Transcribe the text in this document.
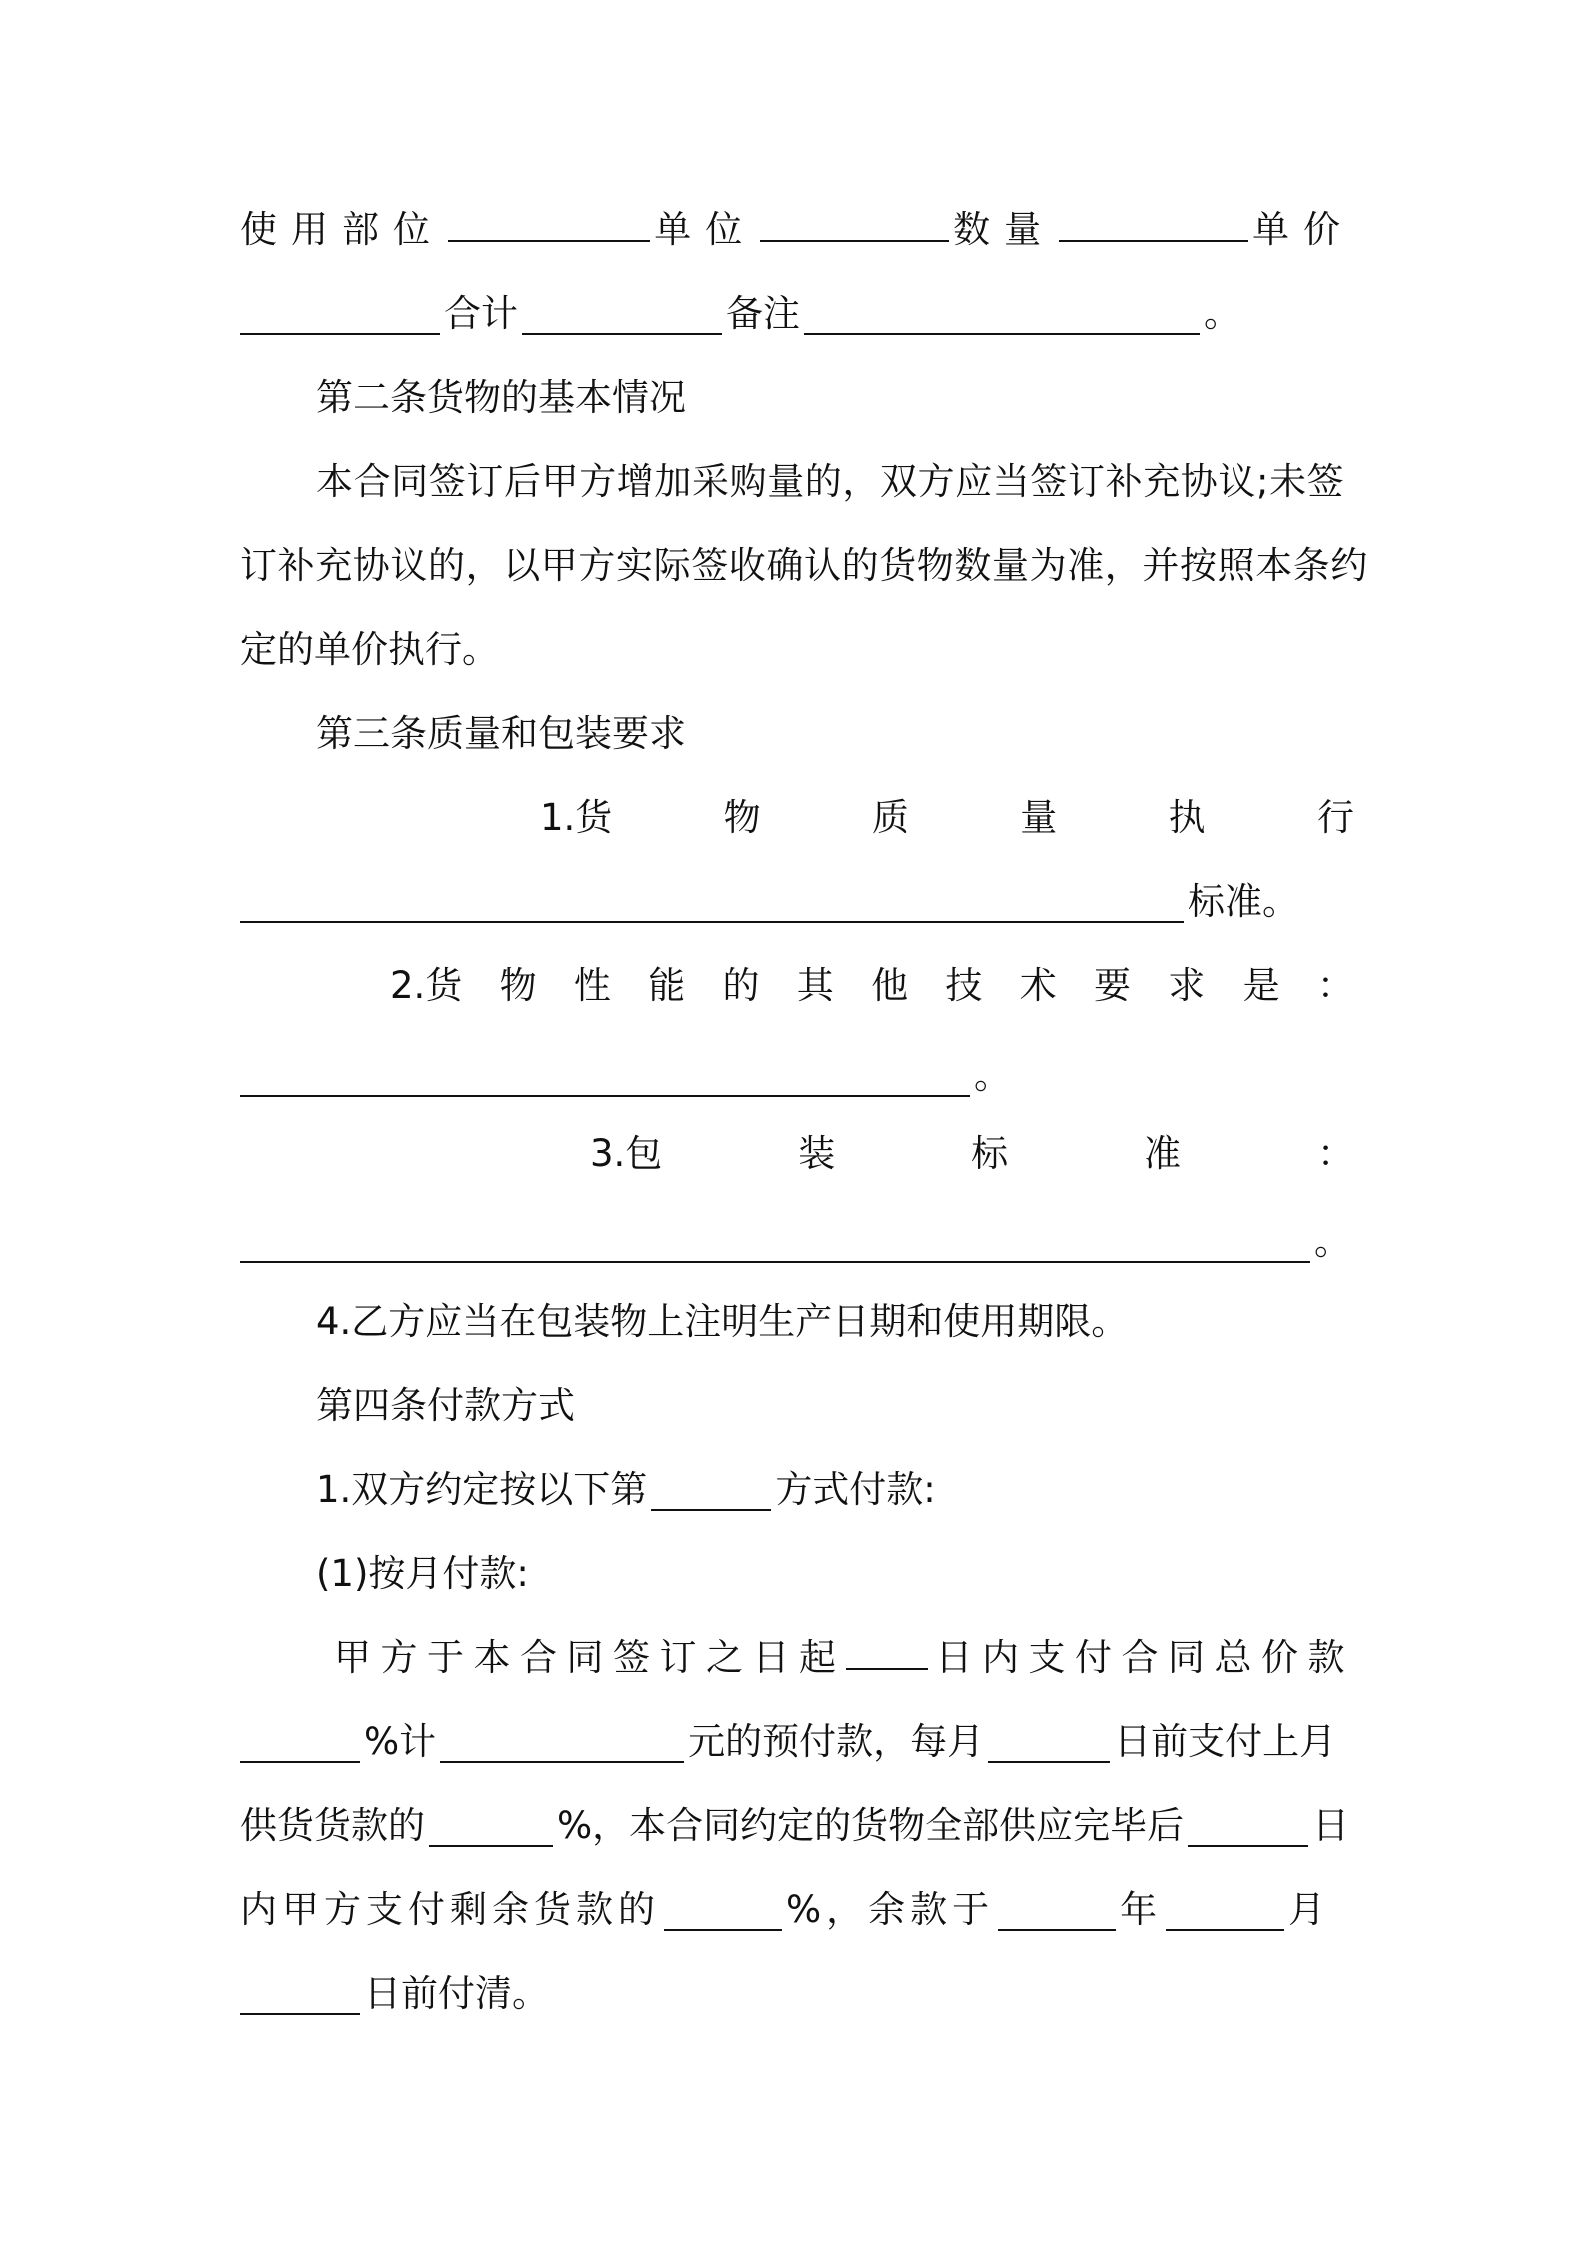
使用部位	单位	数量	单价
合计	备注	。
第二条货物的基本情况
本合同签订后甲方增加采购量的，双方应当签订补充协议;未签
订补充协议的，以甲方实际签收确认的货物数量为准，并按照本条约
定的单价执行。
第三条质量和包装要求
1.货	物	质	量	执	行
标准。
2.货 物 性 能 的 其 他 技 术 要 求 是 ：
。
3.包	装	标	准	：
。
4.乙方应当在包装物上注明生产日期和使用期限。
第四条付款方式
1.双方约定按以下第	方式付款:
(1)按月付款:
甲方于本合同签订之日起 日内支付合同总价款
%计	元的预付款，每月	日前支付上月
供货货款的	%，本合同约定的货物全部供应完毕后	日
内甲方支付剩余货款的	%，余款于	年	月
日前付清。
